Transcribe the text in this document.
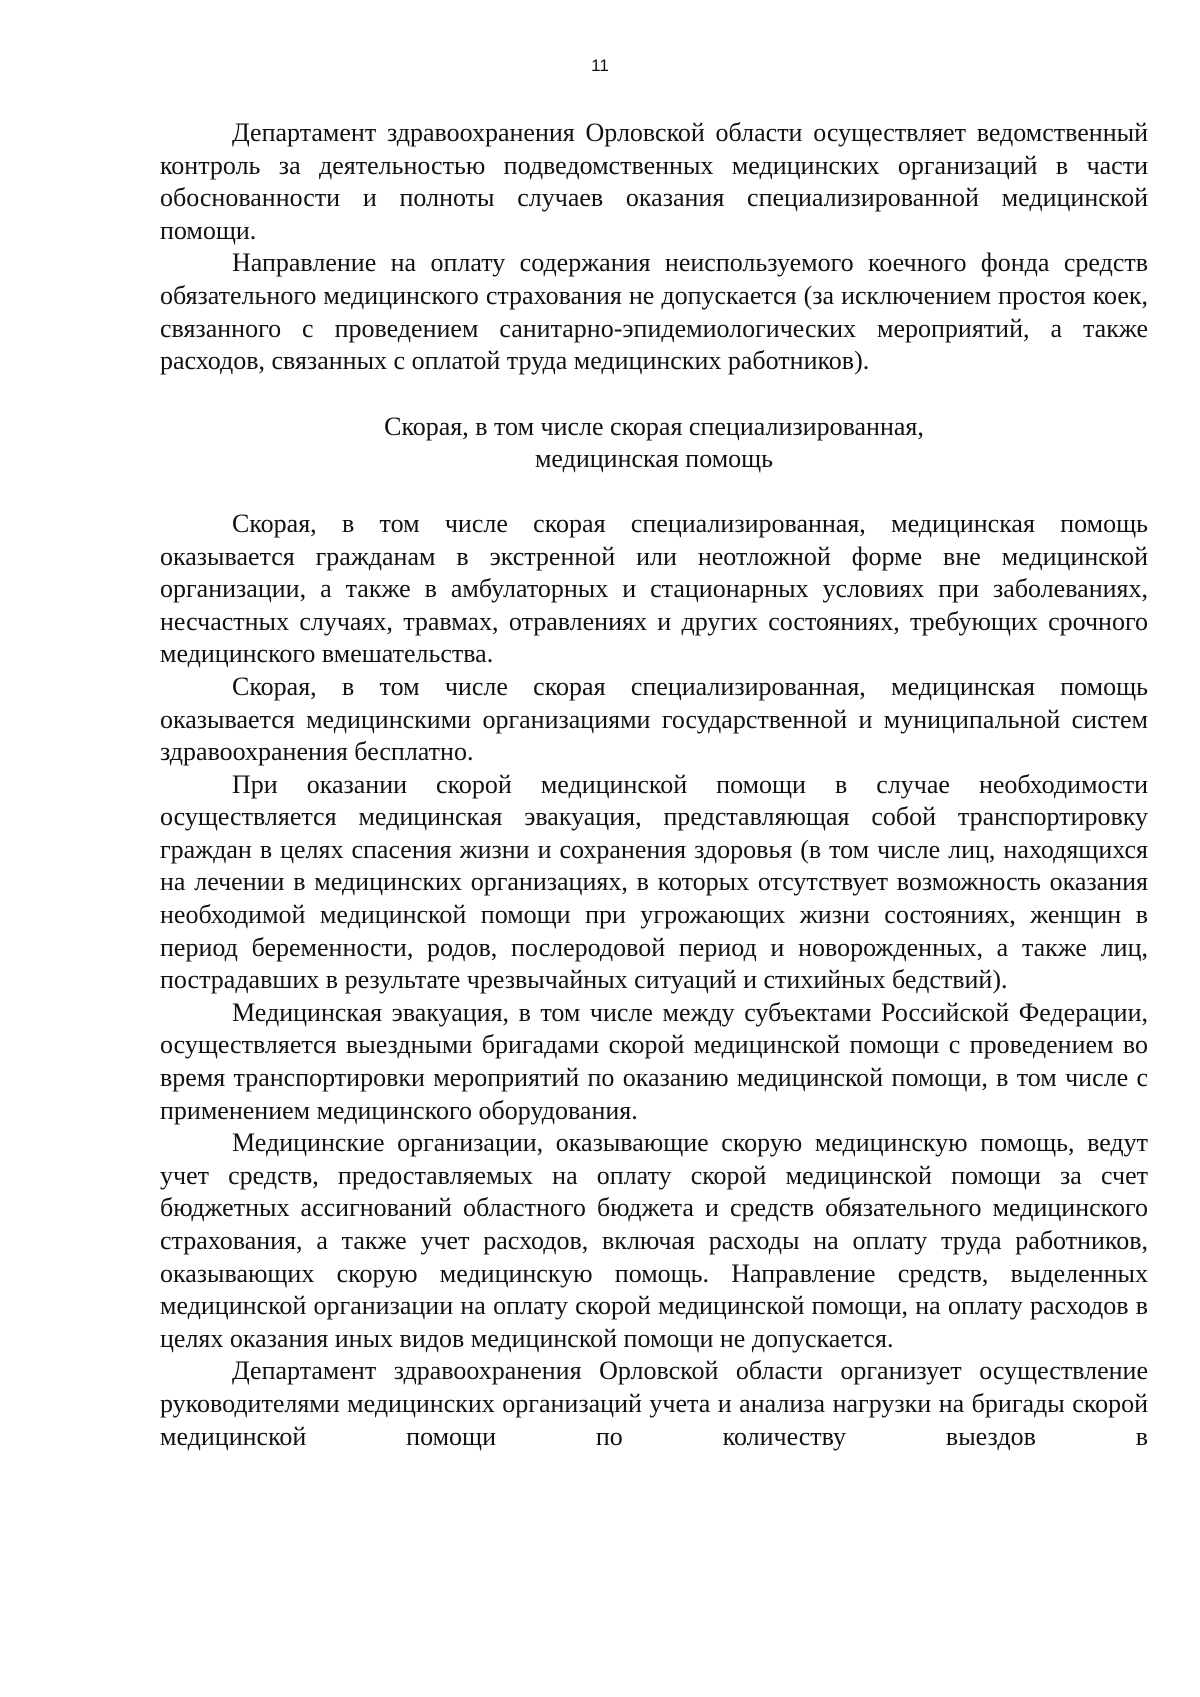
11

Департамент здравоохранения Орловской области осуществляет ведомственный контроль за деятельностью подведомственных медицинских организаций в части обоснованности и полноты случаев оказания специализированной медицинской помощи.

Направление на оплату содержания неиспользуемого коечного фонда средств обязательного медицинского страхования не допускается (за исключением простоя коек, связанного с проведением санитарно-эпидемиологических мероприятий, а также расходов, связанных с оплатой труда медицинских работников).

Скорая, в том числе скорая специализированная,
медицинская помощь

Скорая, в том числе скорая специализированная, медицинская помощь оказывается гражданам в экстренной или неотложной форме вне медицинской организации, а также в амбулаторных и стационарных условиях при заболеваниях, несчастных случаях, травмах, отравлениях и других состояниях, требующих срочного медицинского вмешательства.

Скорая, в том числе скорая специализированная, медицинская помощь оказывается медицинскими организациями государственной и муниципальной систем здравоохранения бесплатно.

При оказании скорой медицинской помощи в случае необходимости осуществляется медицинская эвакуация, представляющая собой транспортировку граждан в целях спасения жизни и сохранения здоровья (в том числе лиц, находящихся на лечении в медицинских организациях, в которых отсутствует возможность оказания необходимой медицинской помощи при угрожающих жизни состояниях, женщин в период беременности, родов, послеродовой период и новорожденных, а также лиц, пострадавших в результате чрезвычайных ситуаций и стихийных бедствий).

Медицинская эвакуация, в том числе между субъектами Российской Федерации, осуществляется выездными бригадами скорой медицинской помощи с проведением во время транспортировки мероприятий по оказанию медицинской помощи, в том числе с применением медицинского оборудования.

Медицинские организации, оказывающие скорую медицинскую помощь, ведут учет средств, предоставляемых на оплату скорой медицинской помощи за счет бюджетных ассигнований областного бюджета и средств обязательного медицинского страхования, а также учет расходов, включая расходы на оплату труда работников, оказывающих скорую медицинскую помощь. Направление средств, выделенных медицинской организации на оплату скорой медицинской помощи, на оплату расходов в целях оказания иных видов медицинской помощи не допускается.

Департамент здравоохранения Орловской области организует осуществление руководителями медицинских организаций учета и анализа нагрузки на бригады скорой медицинской помощи по количеству выездов в
